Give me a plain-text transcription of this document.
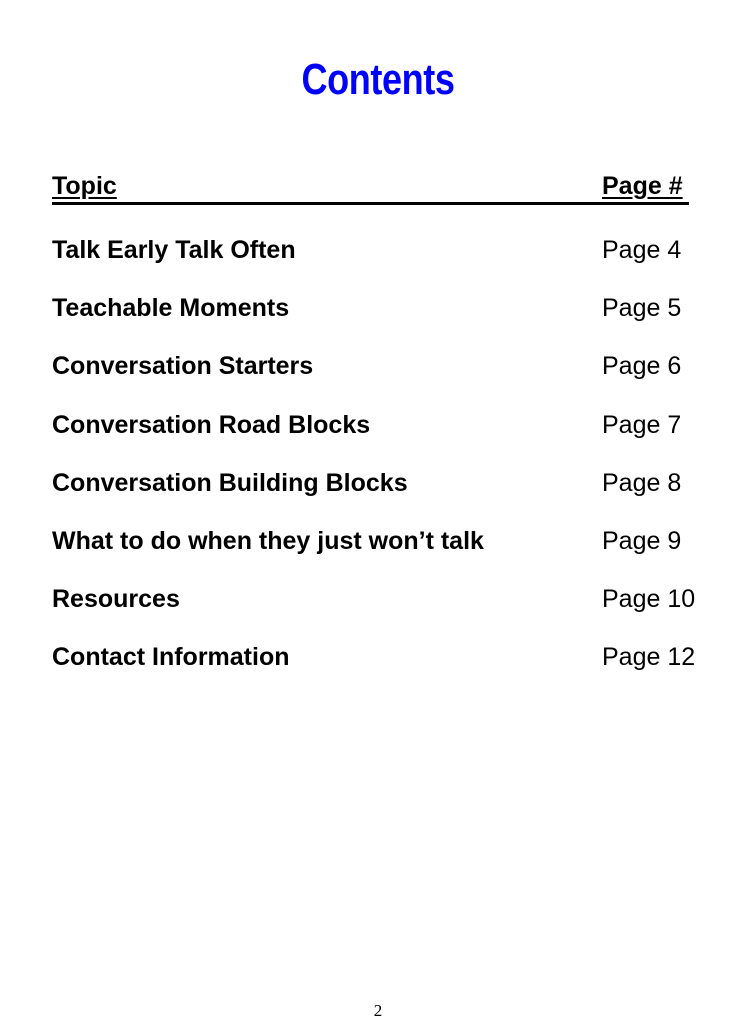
Contents
Topic	Page #
Talk Early Talk Often	Page 4
Teachable Moments	Page 5
Conversation Starters	Page 6
Conversation Road Blocks	Page 7
Conversation Building Blocks	Page 8
What to do when they just won’t talk	Page 9
Resources	Page 10
Contact Information	Page 12
2
